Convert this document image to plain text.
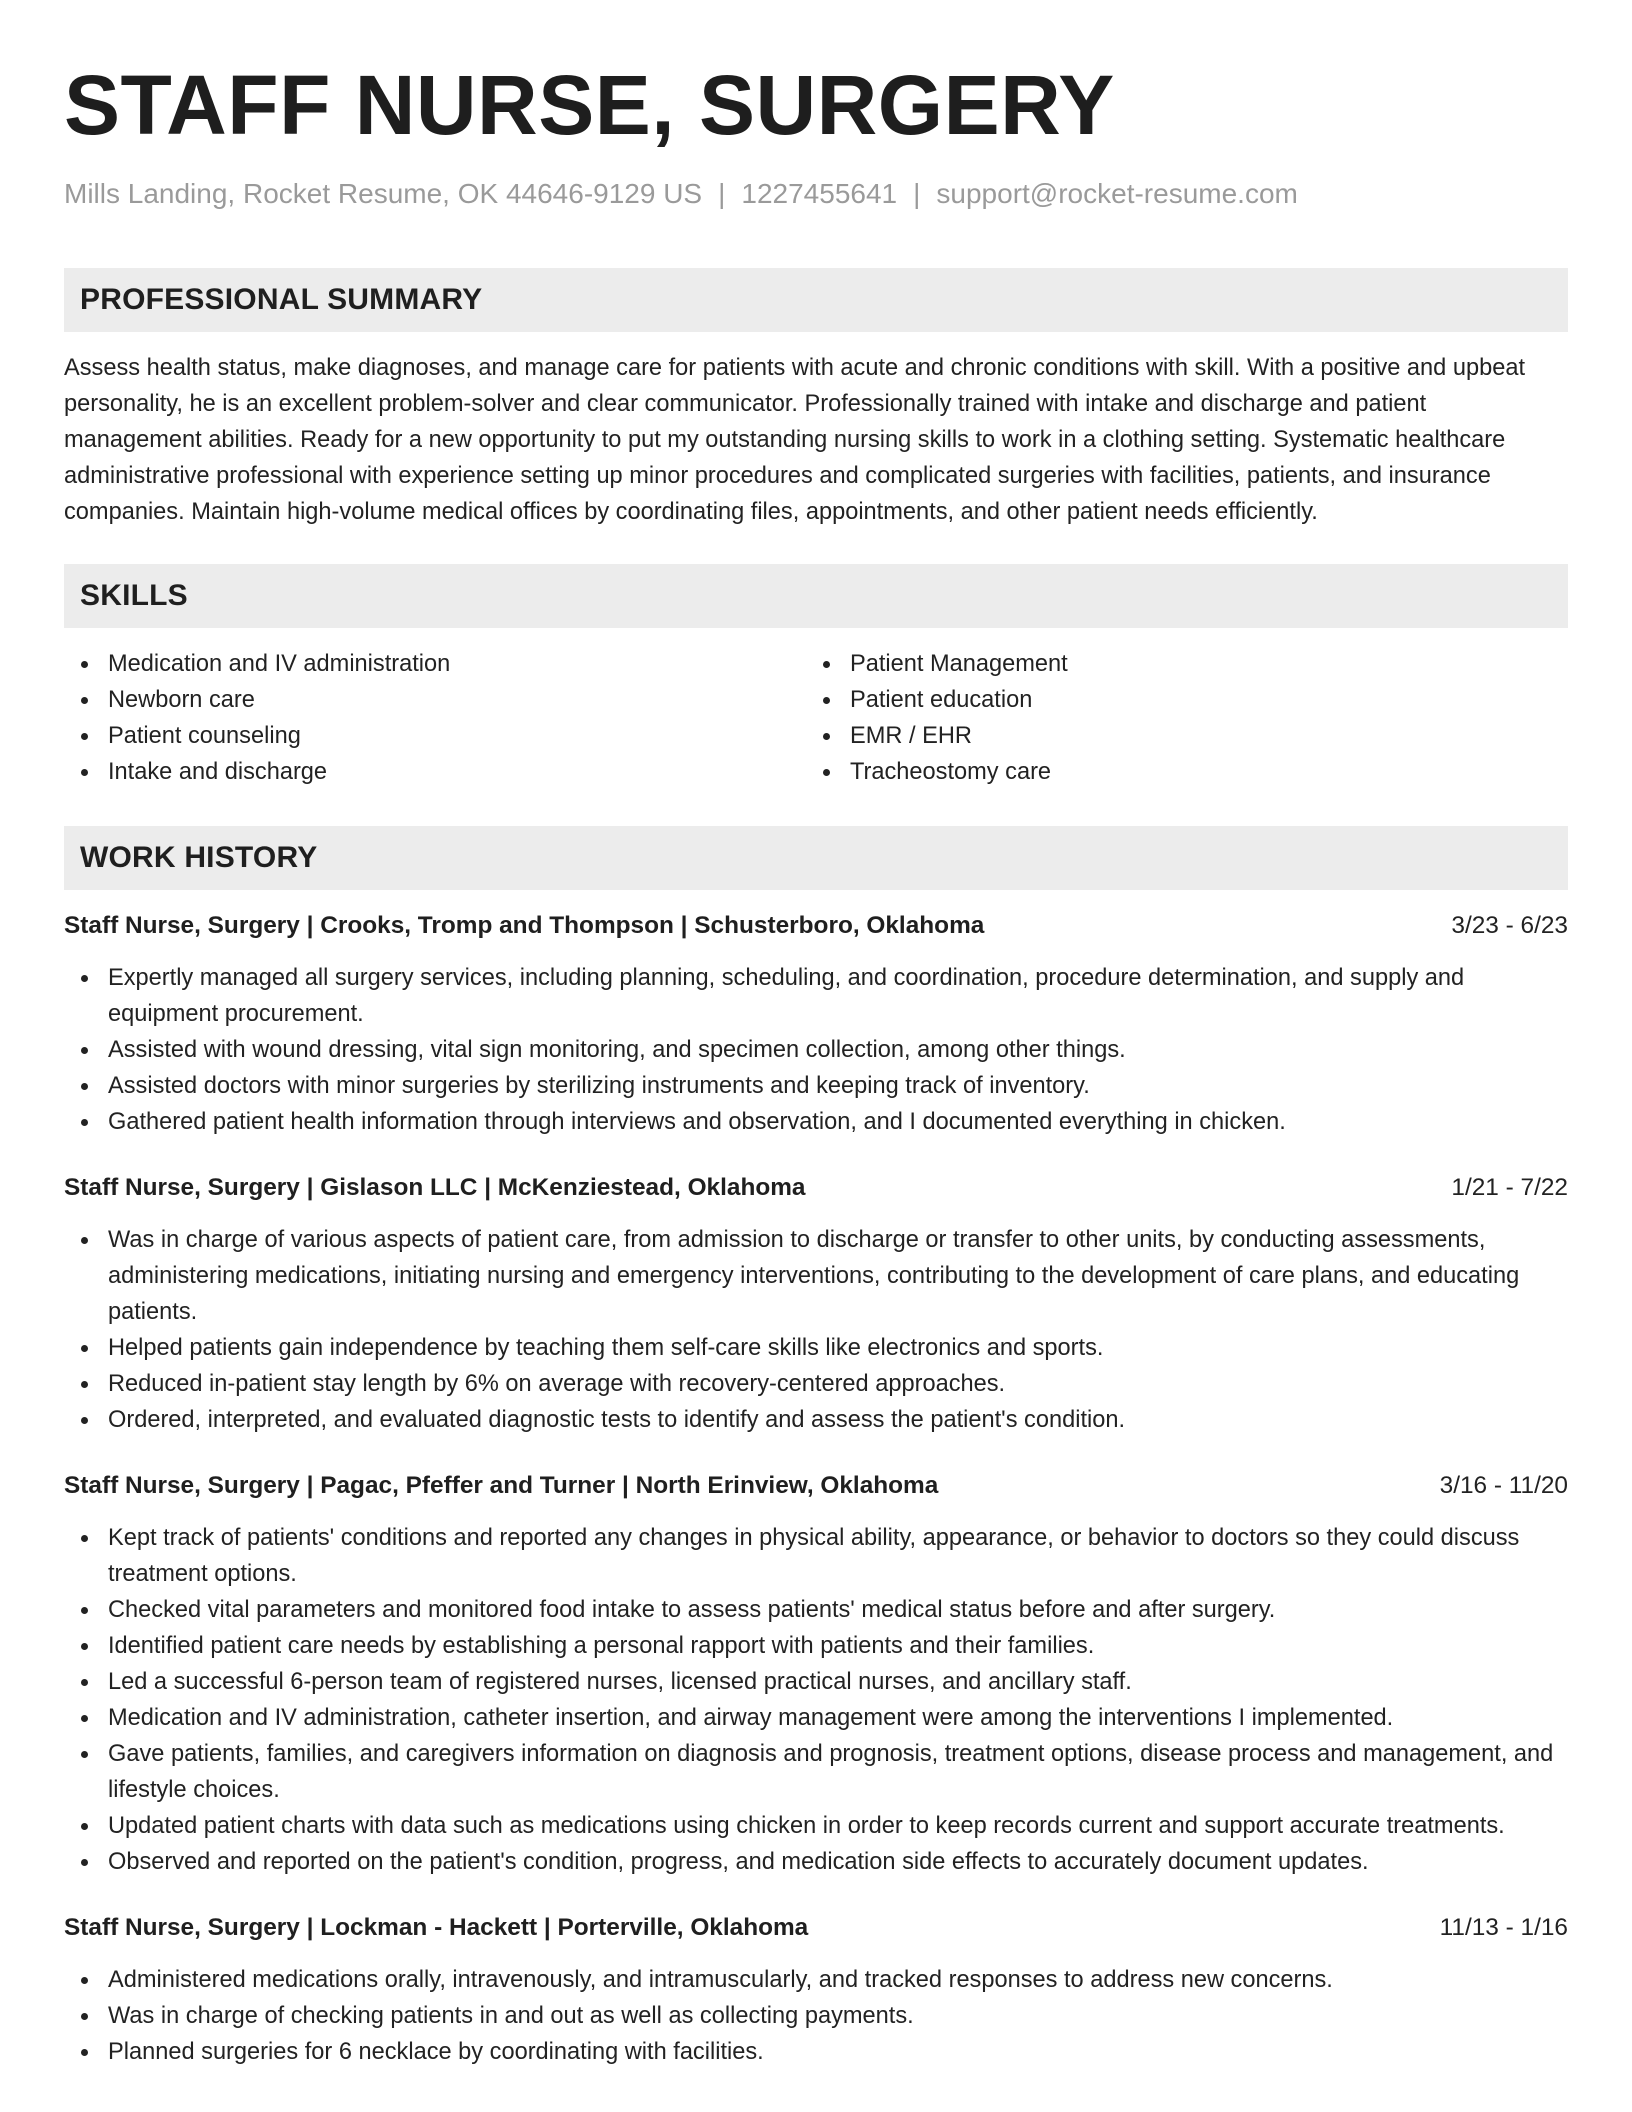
STAFF NURSE, SURGERY
Mills Landing, Rocket Resume, OK 44646-9129 US | 1227455641 | support@rocket-resume.com
PROFESSIONAL SUMMARY

Assess health status, make diagnoses, and manage care for patients with acute and chronic conditions with skill. With a positive and upbeat personality, he is an excellent problem-solver and clear communicator. Professionally trained with intake and discharge and patient management abilities. Ready for a new opportunity to put my outstanding nursing skills to work in a clothing setting. Systematic healthcare administrative professional with experience setting up minor procedures and complicated surgeries with facilities, patients, and insurance companies. Maintain high-volume medical offices by coordinating files, appointments, and other patient needs efficiently.

SKILLS
Medication and IV administration
Newborn care
Patient counseling
Intake and discharge
Patient Management
Patient education
EMR / EHR
Tracheostomy care
WORK HISTORY
Staff Nurse, Surgery | Crooks, Tromp and Thompson | Schusterboro, Oklahoma	3/23 - 6/23
Expertly managed all surgery services, including planning, scheduling, and coordination, procedure determination, and supply and equipment procurement.
Assisted with wound dressing, vital sign monitoring, and specimen collection, among other things.
Assisted doctors with minor surgeries by sterilizing instruments and keeping track of inventory.
Gathered patient health information through interviews and observation, and I documented everything in chicken.
Staff Nurse, Surgery | Gislason LLC | McKenziestead, Oklahoma	1/21 - 7/22
Was in charge of various aspects of patient care, from admission to discharge or transfer to other units, by conducting assessments, administering medications, initiating nursing and emergency interventions, contributing to the development of care plans, and educating patients.
Helped patients gain independence by teaching them self-care skills like electronics and sports.
Reduced in-patient stay length by 6% on average with recovery-centered approaches.
Ordered, interpreted, and evaluated diagnostic tests to identify and assess the patient's condition.
Staff Nurse, Surgery | Pagac, Pfeffer and Turner | North Erinview, Oklahoma	3/16 - 11/20
Kept track of patients' conditions and reported any changes in physical ability, appearance, or behavior to doctors so they could discuss treatment options.
Checked vital parameters and monitored food intake to assess patients' medical status before and after surgery.
Identified patient care needs by establishing a personal rapport with patients and their families.
Led a successful 6-person team of registered nurses, licensed practical nurses, and ancillary staff.
Medication and IV administration, catheter insertion, and airway management were among the interventions I implemented.
Gave patients, families, and caregivers information on diagnosis and prognosis, treatment options, disease process and management, and lifestyle choices.
Updated patient charts with data such as medications using chicken in order to keep records current and support accurate treatments.
Observed and reported on the patient's condition, progress, and medication side effects to accurately document updates.
Staff Nurse, Surgery | Lockman - Hackett | Porterville, Oklahoma	11/13 - 1/16
Administered medications orally, intravenously, and intramuscularly, and tracked responses to address new concerns.
Was in charge of checking patients in and out as well as collecting payments.
Planned surgeries for 6 necklace by coordinating with facilities.
